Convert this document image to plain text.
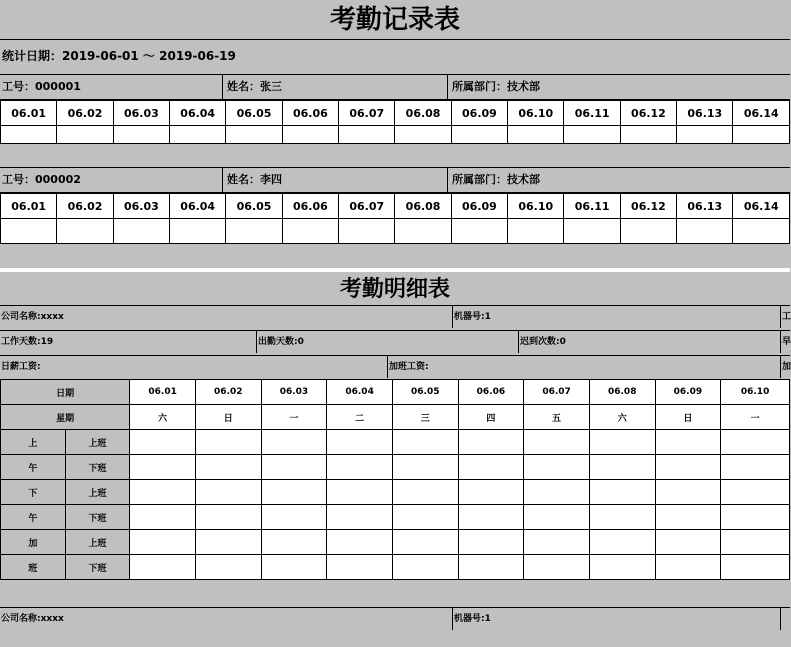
考勤记录表
统计日期：2019-06-01 ～ 2019-06-19
工号：000001	姓名：张三	所属部门：技术部
06.01	06.02	06.03	06.04	06.05	06.06	06.07	06.08	06.09	06.10	06.11	06.12	06.13	06.14

工号：000002	姓名：李四	所属部门：技术部
06.01	06.02	06.03	06.04	06.05	06.06	06.07	06.08	06.09	06.10	06.11	06.12	06.13	06.14

考勤明细表
公司名称:xxxx	机器号:1	工
工作天数:19	出勤天数:0	迟到次数:0	早
日薪工资:	加班工资:	加
日期		06.01	06.02	06.03	06.04	06.05	06.06	06.07	06.08	06.09	06.10
星期		六	日	一	二	三	四	五	六	日	一
上	上班										
午	下班										
下	上班										
午	下班										
加	上班										
班	下班										
公司名称:xxxx	机器号:1
